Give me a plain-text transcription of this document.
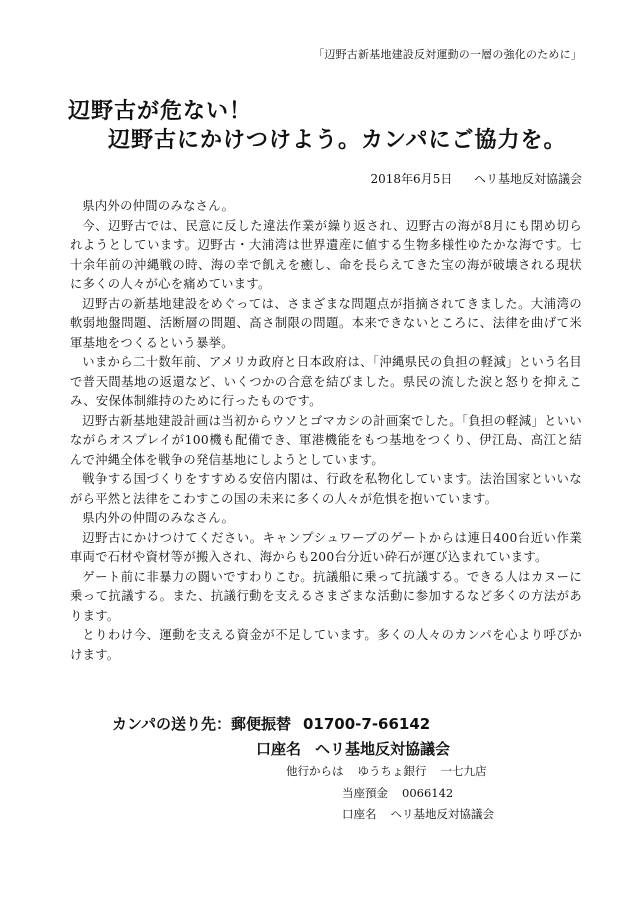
「辺野古新基地建設反対運動の一層の強化のために」
辺野古が危ない！
辺野古にかけつけよう。カンパにご協力を。
2018年6月5日 ヘリ基地反対協議会

県内外の仲間のみなさん。

今、辺野古では、民意に反した違法作業が繰り返され、辺野古の海が8月にも閉め切られようとしています。辺野古・大浦湾は世界遺産に値する生物多様性ゆたかな海です。七十余年前の沖縄戦の時、海の幸で飢えを癒し、命を長らえてきた宝の海が破壊される現状に多くの人々が心を痛めています。

辺野古の新基地建設をめぐっては、さまざまな問題点が指摘されてきました。大浦湾の軟弱地盤問題、活断層の問題、高さ制限の問題。本来できないところに、法律を曲げて米軍基地をつくるという暴挙。

いまから二十数年前、アメリカ政府と日本政府は、「沖縄県民の負担の軽減」という名目で普天間基地の返還など、いくつかの合意を結びました。県民の流した涙と怒りを抑えこみ、安保体制維持のために行ったものです。

辺野古新基地建設計画は当初からウソとゴマカシの計画案でした。「負担の軽減」といいながらオスプレイが100機も配備でき、軍港機能をもつ基地をつくり、伊江島、高江と結んで沖縄全体を戦争の発信基地にしようとしています。

戦争する国づくりをすすめる安倍内閣は、行政を私物化しています。法治国家といいながら平然と法律をこわすこの国の未来に多くの人々が危惧を抱いています。

県内外の仲間のみなさん。

辺野古にかけつけてください。キャンプシュワーブのゲートからは連日400台近い作業車両で石材や資材等が搬入され、海からも200台分近い砕石が運び込まれています。

ゲート前に非暴力の闘いですわりこむ。抗議船に乗って抗議する。できる人はカヌーに乗って抗議する。また、抗議行動を支えるさまざまな活動に参加するなど多くの方法があります。

とりわけ今、運動を支える資金が不足しています。多くの人々のカンパを心より呼びかけます。

カンパの送り先：郵便振替 01700-7-66142
口座名 ヘリ基地反対協議会
他行からは ゆうちょ銀行 一七九店
当座預金 0066142
口座名 ヘリ基地反対協議会
